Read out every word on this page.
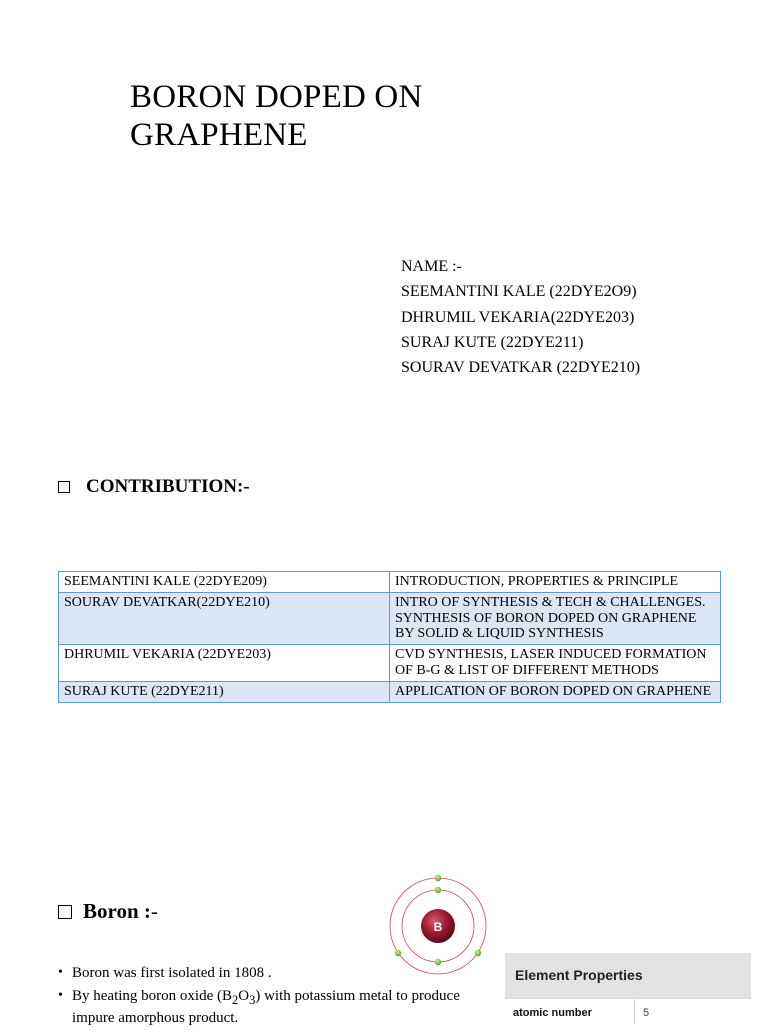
BORON DOPED ON
GRAPHENE
NAME :-
SEEMANTINI KALE (22DYE2O9)
DHRUMIL VEKARIA(22DYE203)
SURAJ KUTE (22DYE211)
SOURAV DEVATKAR (22DYE210)
CONTRIBUTION:-
SEEMANTINI KALE (22DYE209)	INTRODUCTION, PROPERTIES & PRINCIPLE
SOURAV DEVATKAR(22DYE210)	INTRO OF SYNTHESIS & TECH & CHALLENGES. SYNTHESIS OF BORON DOPED ON GRAPHENE BY SOLID & LIQUID SYNTHESIS
DHRUMIL VEKARIA (22DYE203)	CVD SYNTHESIS, LASER INDUCED FORMATION OF B-G & LIST OF DIFFERENT METHODS
SURAJ KUTE (22DYE211)	APPLICATION OF BORON DOPED ON GRAPHENE
Boron : -
B
• Boron was first isolated in 1808 .
• By heating boron oxide $(B_2O_3)$ with potassium metal to produce impure amorphous product.
Element Properties
atomic number	5
